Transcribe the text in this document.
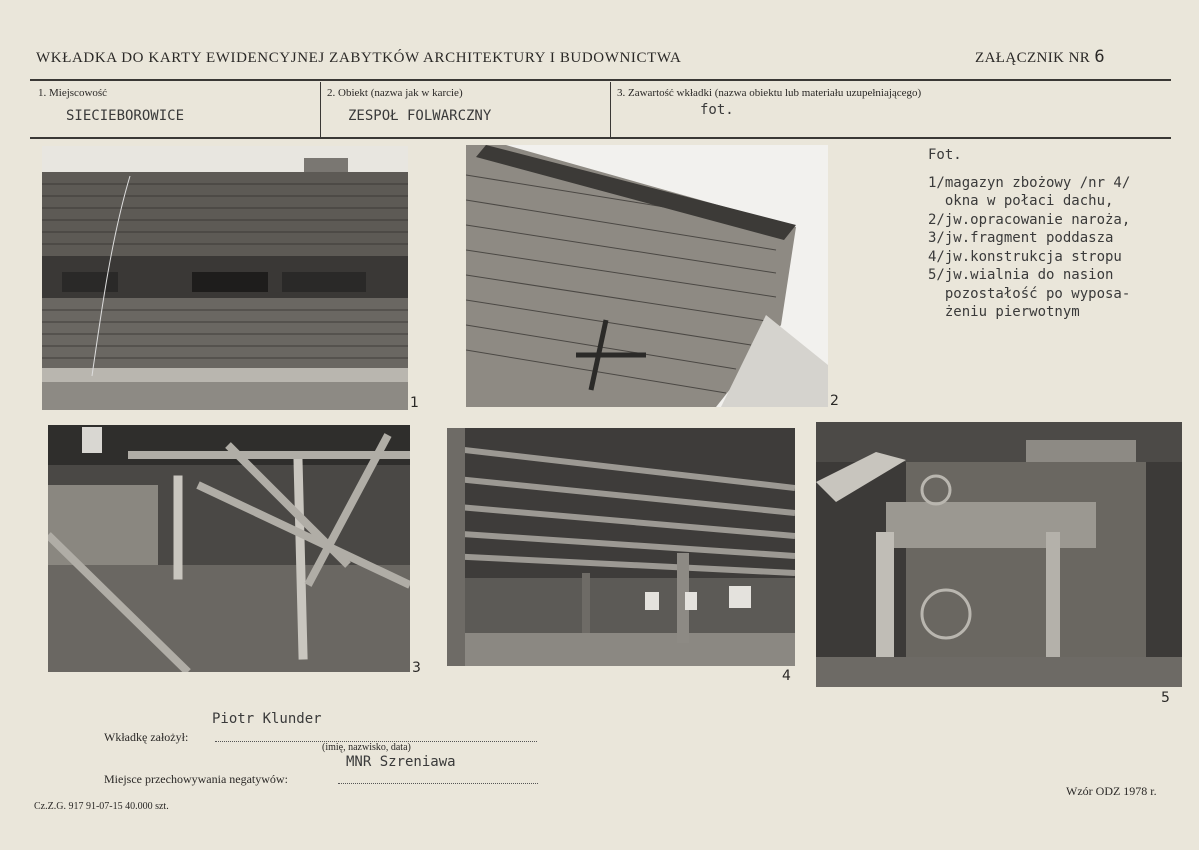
WKŁADKA DO KARTY EWIDENCYJNEJ ZABYTKÓW ARCHITEKTURY I BUDOWNICTWA	ZAŁĄCZNIK NR 6
1. Miejscowość
SIECIEBOROWICE
2. Obiekt (nazwa jak w karcie)
ZESPOŁ FOLWARCZNY
3. Zawartość wkładki (nazwa obiektu lub materiału uzupełniającego)
fot.
1	2
3	4
5
Fot.
1/magazyn zbożowy /nr 4/
okna w połaci dachu,
2/jw.opracowanie naroża,
3/jw.fragment poddasza
4/jw.konstrukcja stropu
5/jw.wialnia do nasion
pozostałość po wyposa-
żeniu pierwotnym
Piotr Klunder
Wkładkę założył:
(imię, nazwisko, data)
MNR Szreniawa
Miejsce przechowywania negatywów:
Cz.Z.G. 917 91-07-15 40.000 szt.
Wzór ODZ 1978 r.
